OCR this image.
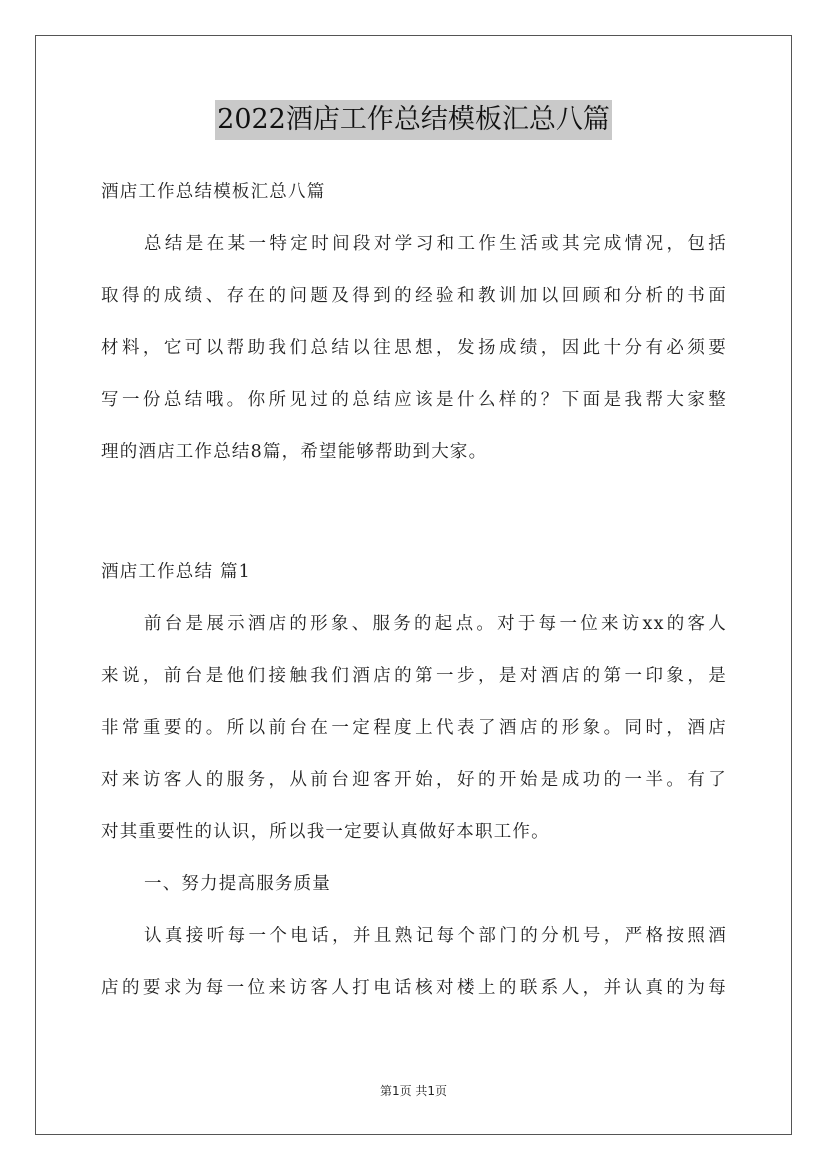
2022酒店工作总结模板汇总八篇
酒店工作总结模板汇总八篇
总结是在某一特定时间段对学习和工作生活或其完成情况，包括
取得的成绩、存在的问题及得到的经验和教训加以回顾和分析的书面
材料，它可以帮助我们总结以往思想，发扬成绩，因此十分有必须要
写一份总结哦。你所见过的总结应该是什么样的？下面是我帮大家整
理的酒店工作总结8篇，希望能够帮助到大家。
酒店工作总结 篇1
前台是展示酒店的形象、服务的起点。对于每一位来访xx的客人
来说，前台是他们接触我们酒店的第一步，是对酒店的第一印象，是
非常重要的。所以前台在一定程度上代表了酒店的形象。同时，酒店
对来访客人的服务，从前台迎客开始，好的开始是成功的一半。有了
对其重要性的认识，所以我一定要认真做好本职工作。
一、努力提高服务质量
认真接听每一个电话，并且熟记每个部门的分机号，严格按照酒
店的要求为每一位来访客人打电话核对楼上的联系人，并认真的为每
第1页 共1页
